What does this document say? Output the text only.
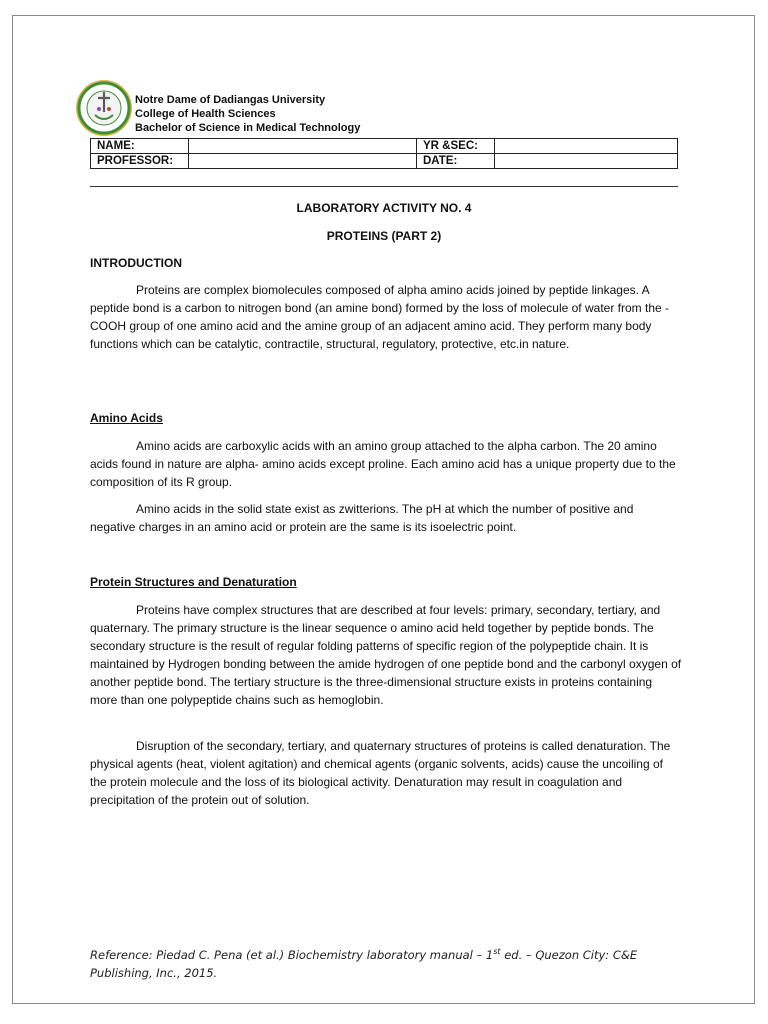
Notre Dame of Dadiangas University
College of Health Sciences
Bachelor of Science in Medical Technology
NAME:		YR &SEC:	
PROFESSOR:		DATE:	
LABORATORY ACTIVITY NO. 4
PROTEINS (PART 2)
INTRODUCTION

Proteins are complex biomolecules composed of alpha amino acids joined by peptide linkages. A peptide bond is a carbon to nitrogen bond (an amine bond) formed by the loss of molecule of water from the -COOH group of one amino acid and the amine group of an adjacent amino acid. They perform many body functions which can be catalytic, contractile, structural, regulatory, protective, etc.in nature.

Amino Acids

Amino acids are carboxylic acids with an amino group attached to the alpha carbon. The 20 amino acids found in nature are alpha- amino acids except proline. Each amino acid has a unique property due to the composition of its R group.

Amino acids in the solid state exist as zwitterions. The pH at which the number of positive and negative charges in an amino acid or protein are the same is its isoelectric point.

Protein Structures and Denaturation

Proteins have complex structures that are described at four levels: primary, secondary, tertiary, and quaternary. The primary structure is the linear sequence o amino acid held together by peptide bonds. The secondary structure is the result of regular folding patterns of specific region of the polypeptide chain. It is maintained by Hydrogen bonding between the amide hydrogen of one peptide bond and the carbonyl oxygen of another peptide bond. The tertiary structure is the three-dimensional structure exists in proteins containing more than one polypeptide chains such as hemoglobin.

Disruption of the secondary, tertiary, and quaternary structures of proteins is called denaturation. The physical agents (heat, violent agitation) and chemical agents (organic solvents, acids) cause the uncoiling of the protein molecule and the loss of its biological activity. Denaturation may result in coagulation and precipitation of the protein out of solution.

Reference: Piedad C. Pena (et al.) Biochemistry laboratory manual – 1st ed. – Quezon City: C&E Publishing, Inc., 2015.
